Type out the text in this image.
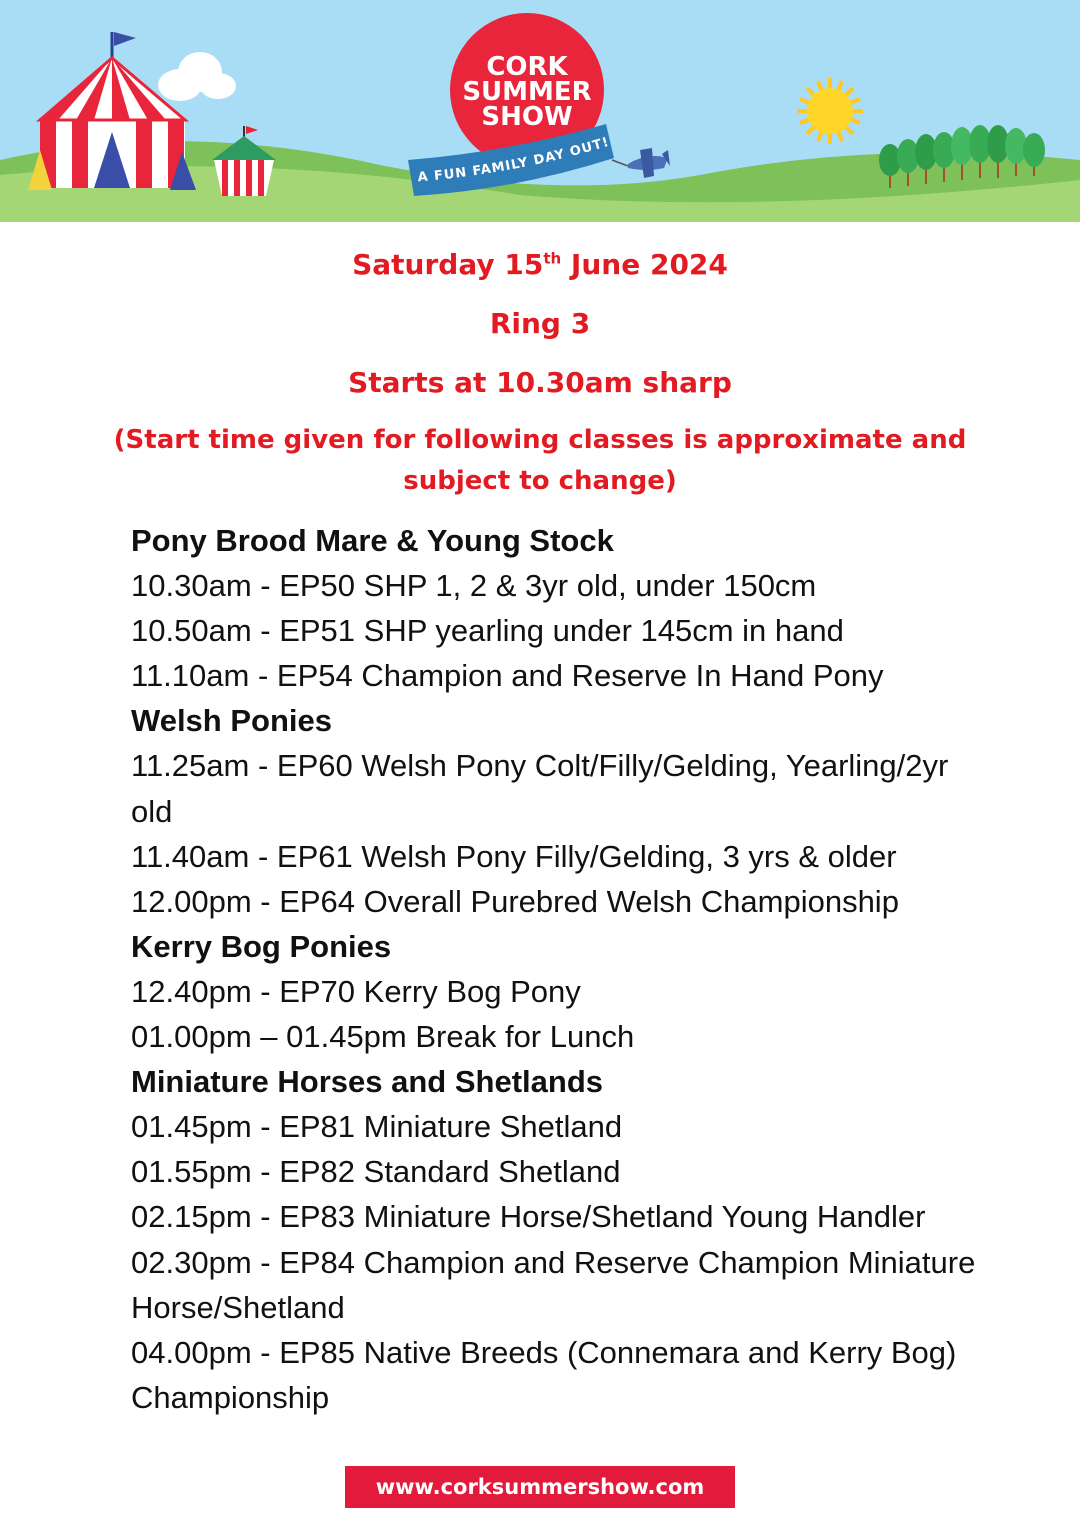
CORK
SUMMER
SHOW
A FUN FAMILY DAY OUT!

Saturday 15th June 2024

Ring 3

Starts at 10.30am sharp

(Start time given for following classes is approximate and
subject to change)

Pony Brood Mare & Young Stock

10.30am - EP50 SHP 1, 2 & 3yr old, under 150cm

10.50am - EP51 SHP yearling under 145cm in hand

11.10am - EP54 Champion and Reserve In Hand Pony

Welsh Ponies

11.25am - EP60 Welsh Pony Colt/Filly/Gelding, Yearling/2yr old

11.40am - EP61 Welsh Pony Filly/Gelding, 3 yrs & older

12.00pm - EP64 Overall Purebred Welsh Championship

Kerry Bog Ponies

12.40pm - EP70 Kerry Bog Pony

01.00pm – 01.45pm Break for Lunch

Miniature Horses and Shetlands

01.45pm - EP81 Miniature Shetland

01.55pm - EP82 Standard Shetland

02.15pm - EP83 Miniature Horse/Shetland Young Handler

02.30pm - EP84 Champion and Reserve Champion Miniature Horse/Shetland

04.00pm - EP85 Native Breeds (Connemara and Kerry Bog) Championship

www.corksummershow.com
